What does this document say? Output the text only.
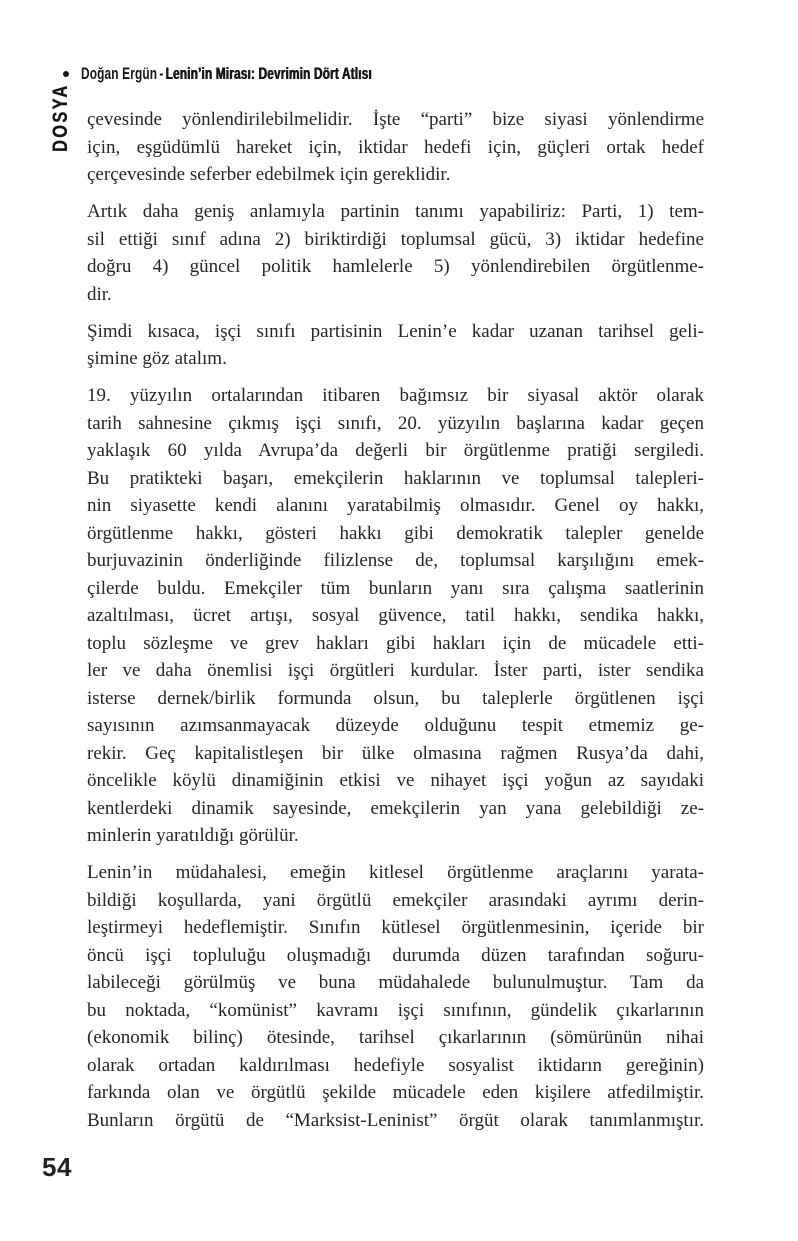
Doğan Ergün - Lenin’in Mirası: Devrimin Dört Atlısı
DOSYA çevesinde yönlendirilebilmelidir. İşte “parti” bize siyasi yönlendirme
için, eşgüdümlü hareket için, iktidar hedefi için, güçleri ortak hedef
çerçevesinde seferber edebilmek için gereklidir.

Artık daha geniş anlamıyla partinin tanımı yapabiliriz: Parti, 1) tem-
sil ettiği sınıf adına 2) biriktirdiği toplumsal gücü, 3) iktidar hedefine
doğru 4) güncel politik hamlelerle 5) yönlendirebilen örgütlenme-
dir.

Şimdi kısaca, işçi sınıfı partisinin Lenin’e kadar uzanan tarihsel geli-
şimine göz atalım.

19. yüzyılın ortalarından itibaren bağımsız bir siyasal aktör olarak
tarih sahnesine çıkmış işçi sınıfı, 20. yüzyılın başlarına kadar geçen
yaklaşık 60 yılda Avrupa’da değerli bir örgütlenme pratiği sergiledi.
Bu pratikteki başarı, emekçilerin haklarının ve toplumsal talepleri-
nin siyasette kendi alanını yaratabilmiş olmasıdır. Genel oy hakkı,
örgütlenme hakkı, gösteri hakkı gibi demokratik talepler genelde
burjuvazinin önderliğinde filizlense de, toplumsal karşılığını emek-
çilerde buldu. Emekçiler tüm bunların yanı sıra çalışma saatlerinin
azaltılması, ücret artışı, sosyal güvence, tatil hakkı, sendika hakkı,
toplu sözleşme ve grev hakları gibi hakları için de mücadele etti-
ler ve daha önemlisi işçi örgütleri kurdular. İster parti, ister sendika
isterse dernek/birlik formunda olsun, bu taleplerle örgütlenen işçi
sayısının azımsanmayacak düzeyde olduğunu tespit etmemiz ge-
rekir. Geç kapitalistleşen bir ülke olmasına rağmen Rusya’da dahi,
öncelikle köylü dinamiğinin etkisi ve nihayet işçi yoğun az sayıdaki
kentlerdeki dinamik sayesinde, emekçilerin yan yana gelebildiği ze-
minlerin yaratıldığı görülür.

Lenin’in müdahalesi, emeğin kitlesel örgütlenme araçlarını yarata-
bildiği koşullarda, yani örgütlü emekçiler arasındaki ayrımı derin-
leştirmeyi hedeflemiştir. Sınıfın kütlesel örgütlenmesinin, içeride bir
öncü işçi topluluğu oluşmadığı durumda düzen tarafından soğuru-
labileceği görülmüş ve buna müdahalede bulunulmuştur. Tam da
bu noktada, “komünist” kavramı işçi sınıfının, gündelik çıkarlarının
(ekonomik bilinç) ötesinde, tarihsel çıkarlarının (sömürünün nihai
olarak ortadan kaldırılması hedefiyle sosyalist iktidarın gereğinin)
farkında olan ve örgütlü şekilde mücadele eden kişilere atfedilmiştir.
Bunların örgütü de “Marksist-Leninist” örgüt olarak tanımlanmıştır.

54
